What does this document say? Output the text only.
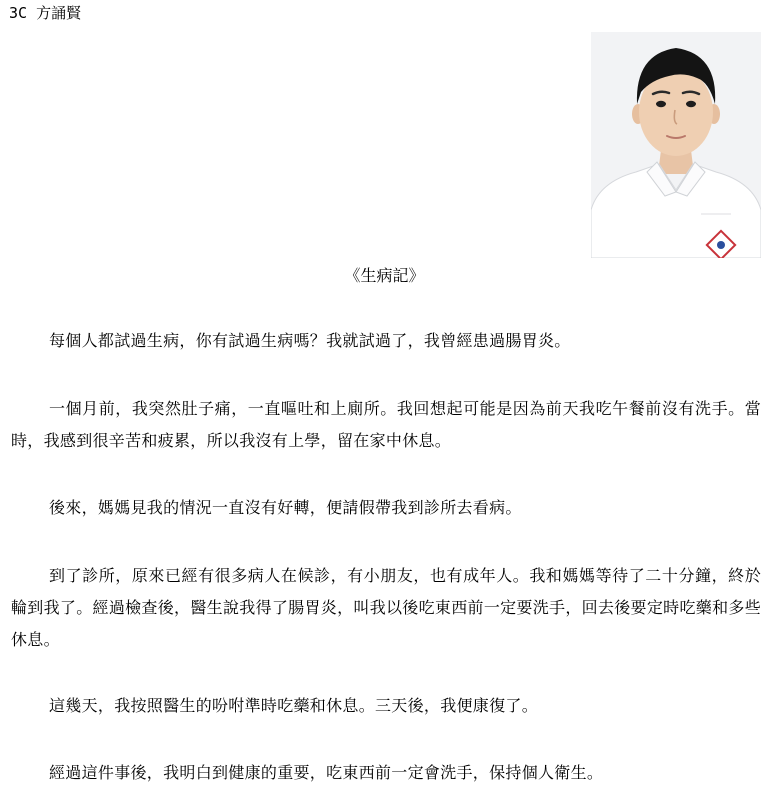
3C 方誦賢
《生病記》

每個人都試過生病，你有試過生病嗎？我就試過了，我曾經患過腸胃炎。

一個月前，我突然肚子痛，一直嘔吐和上廁所。我回想起可能是因為前天我吃午餐前沒有洗手。當時，我感到很辛苦和疲累，所以我沒有上學，留在家中休息。

後來，媽媽見我的情況一直沒有好轉，便請假帶我到診所去看病。

到了診所，原來已經有很多病人在候診，有小朋友，也有成年人。我和媽媽等待了二十分鐘，終於輪到我了。經過檢查後，醫生說我得了腸胃炎，叫我以後吃東西前一定要洗手，回去後要定時吃藥和多些休息。

這幾天，我按照醫生的吩咐準時吃藥和休息。三天後，我便康復了。

經過這件事後，我明白到健康的重要，吃東西前一定會洗手，保持個人衛生。
